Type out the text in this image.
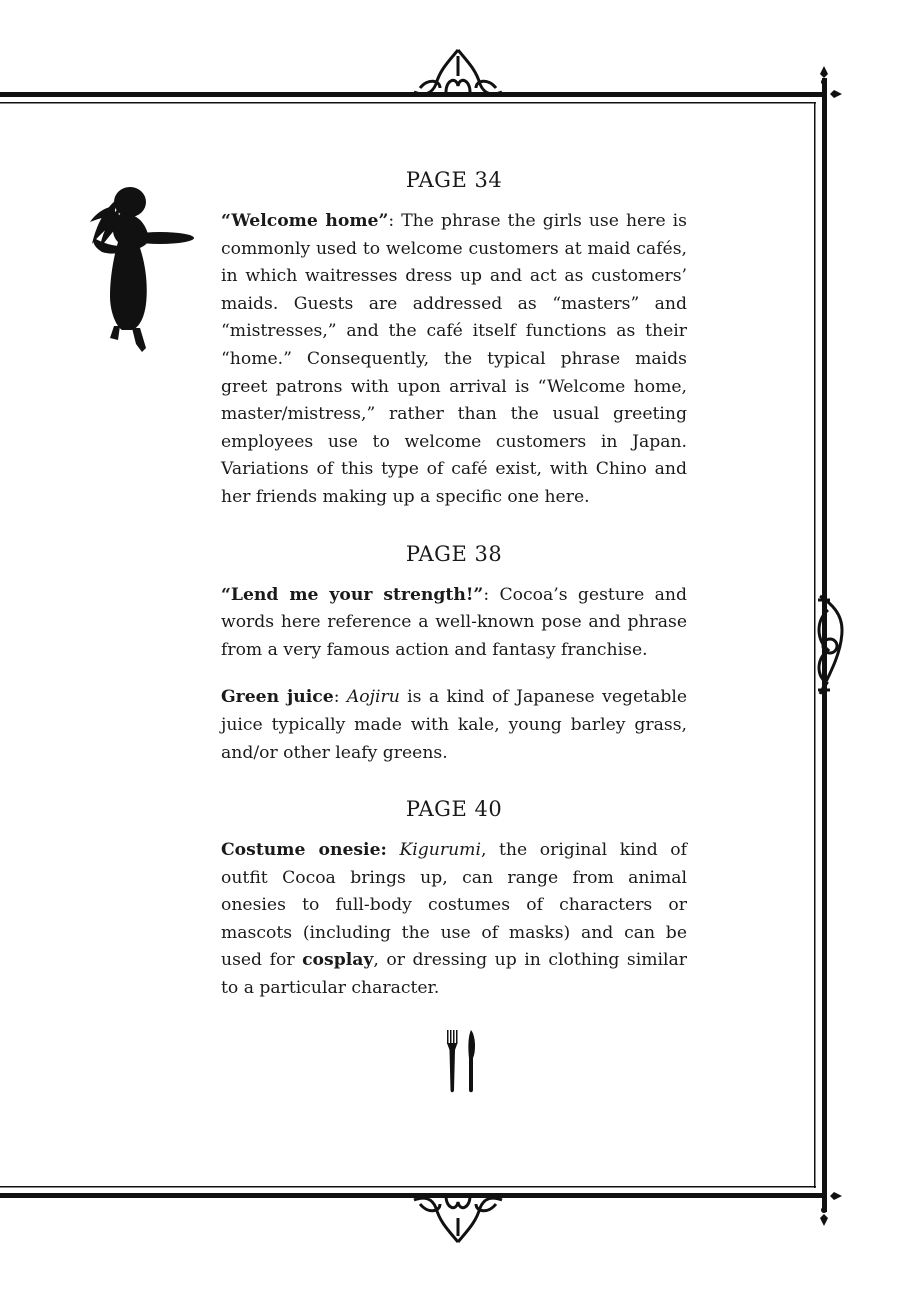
PAGE 34

“Welcome home”: The phrase the girls use here is commonly used to welcome customers at maid cafés, in which waitresses dress up and act as customers’ maids. Guests are addressed as “masters” and “mistresses,” and the café itself functions as their “home.” Consequently, the typical phrase maids greet patrons with upon arrival is “Welcome home, master/mistress,” rather than the usual greeting employees use to welcome customers in Japan. Variations of this type of café exist, with Chino and her friends making up a specific one here.

PAGE 38

“Lend me your strength!”: Cocoa’s gesture and words here reference a well-known pose and phrase from a very famous action and fantasy franchise.

Green juice: Aojiru is a kind of Japanese vegetable juice typically made with kale, young barley grass, and/or other leafy greens.

PAGE 40

Costume onesie: Kigurumi, the original kind of outfit Cocoa brings up, can range from animal onesies to full-body costumes of characters or mascots (including the use of masks) and can be used for cosplay, or dressing up in clothing similar to a particular character.
